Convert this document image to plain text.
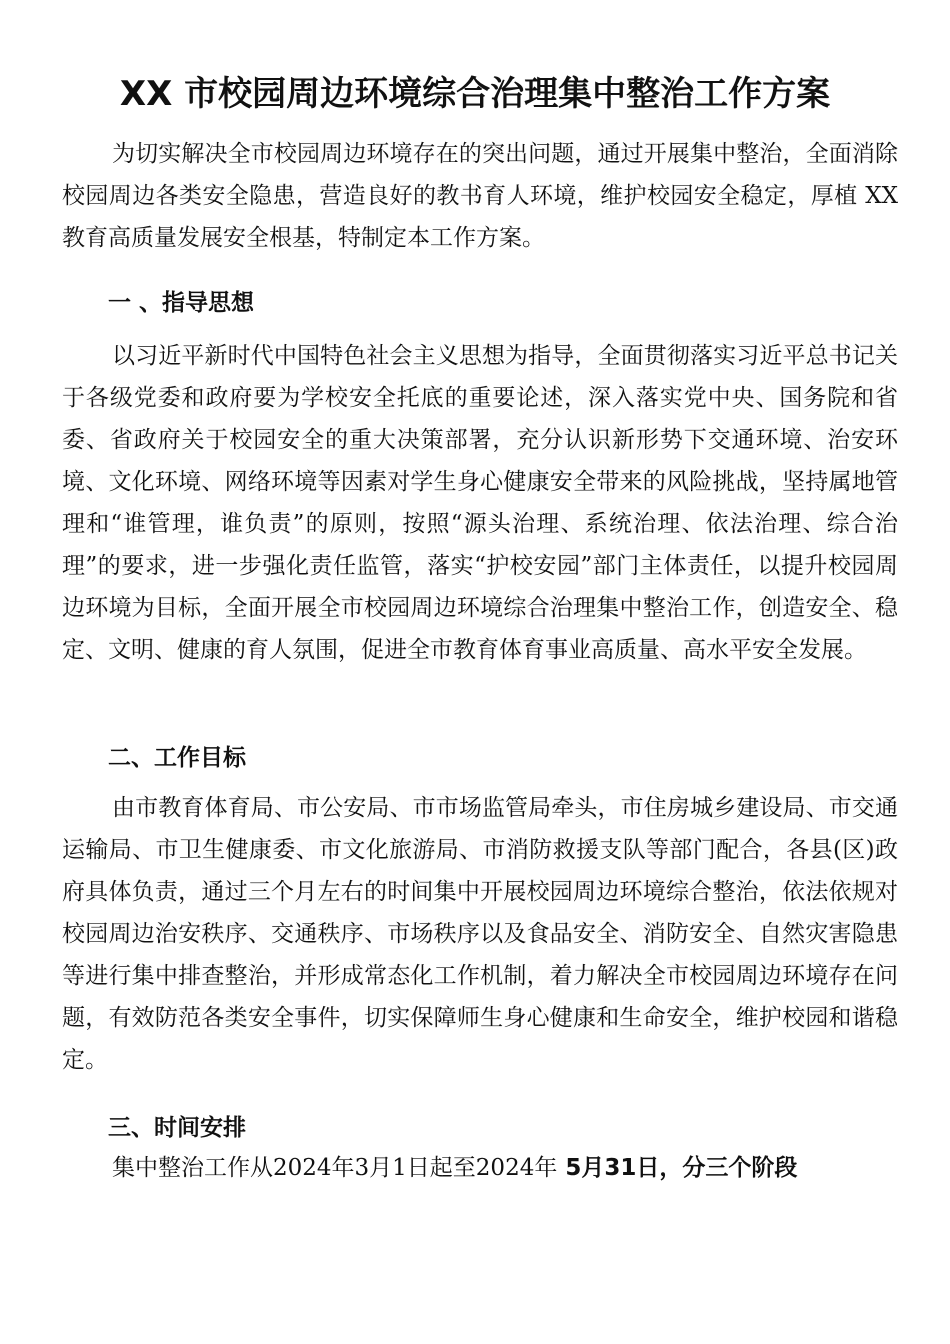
XX 市校园周边环境综合治理集中整治工作方案

为切实解决全市校园周边环境存在的突出问题，通过开展集中整治，全面消除校园周边各类安全隐患，营造良好的教书育人环境，维护校园安全稳定，厚植 XX 教育高质量发展安全根基，特制定本工作方案。

一 、指导思想

以习近平新时代中国特色社会主义思想为指导，全面贯彻落实习近平总书记关于各级党委和政府要为学校安全托底的重要论述，深入落实党中央、国务院和省委、省政府关于校园安全的重大决策部署，充分认识新形势下交通环境、治安环境、文化环境、网络环境等因素对学生身心健康安全带来的风险挑战，坚持属地管理和“谁管理，谁负责”的原则，按照“源头治理、系统治理、依法治理、综合治理”的要求，进一步强化责任监管，落实“护校安园”部门主体责任，以提升校园周边环境为目标，全面开展全市校园周边环境综合治理集中整治工作，创造安全、稳定、文明、健康的育人氛围，促进全市教育体育事业高质量、高水平安全发展。

二、工作目标

由市教育体育局、市公安局、市市场监管局牵头，市住房城乡建设局、市交通运输局、市卫生健康委、市文化旅游局、市消防救援支队等部门配合，各县(区)政府具体负责，通过三个月左右的时间集中开展校园周边环境综合整治，依法依规对校园周边治安秩序、交通秩序、市场秩序以及食品安全、消防安全、自然灾害隐患等进行集中排查整治，并形成常态化工作机制，着力解决全市校园周边环境存在问题，有效防范各类安全事件，切实保障师生身心健康和生命安全，维护校园和谐稳定。

三、时间安排

集中整治工作从2024年3月1日起至2024年 5月31日，分三个阶段
